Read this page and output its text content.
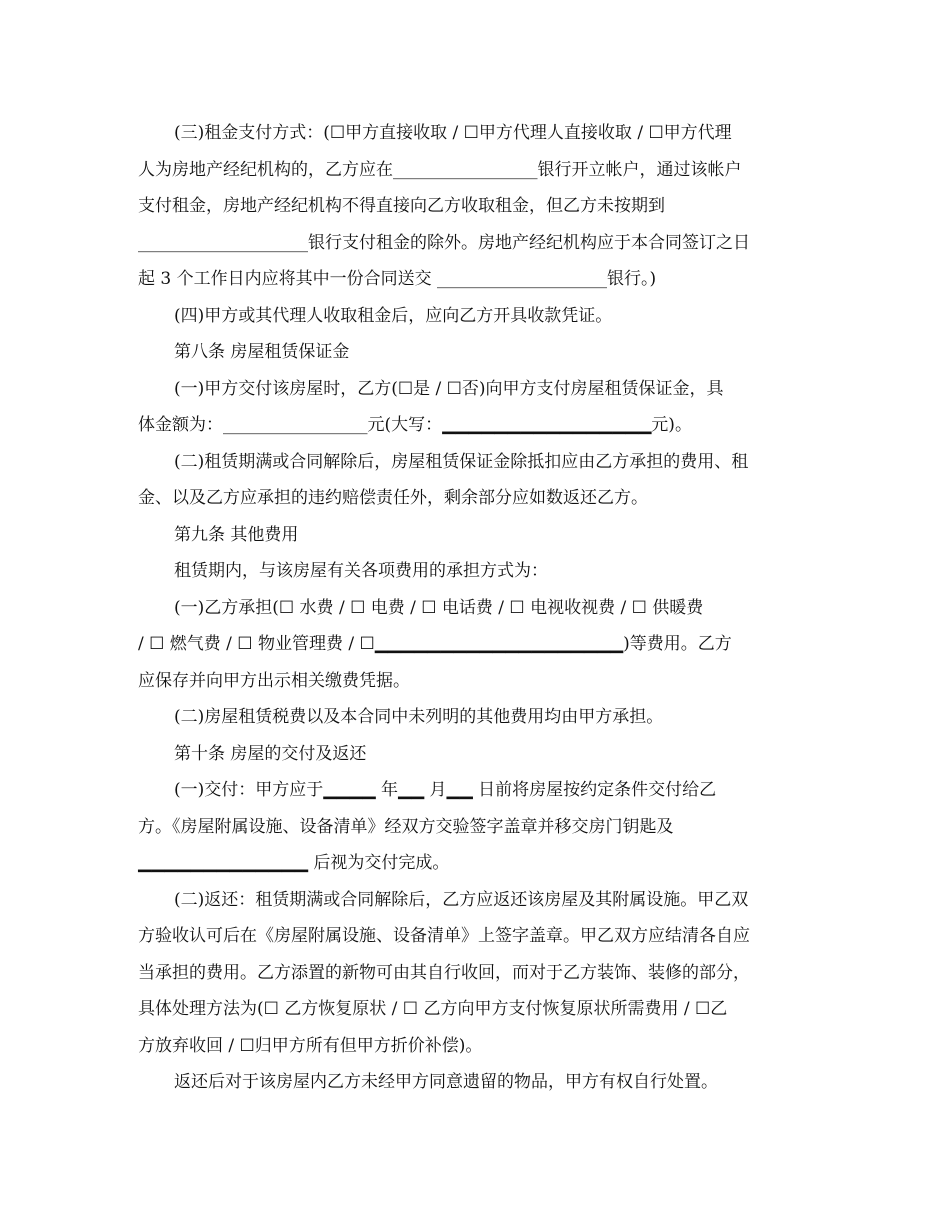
(三)租金支付方式：(☐甲方直接收取 / ☐甲方代理人直接收取 / ☐甲方代理

人为房地产经纪机构的，乙方应在_________________银行开立帐户，通过该帐户

支付租金，房地产经纪机构不得直接向乙方收取租金，但乙方未按期到

____________________银行支付租金的除外。房地产经纪机构应于本合同签订之日

起 3 个工作日内应将其中一份合同送交 ____________________银行。)

(四)甲方或其代理人收取租金后，应向乙方开具收款凭证。

第八条 房屋租赁保证金

(一)甲方交付该房屋时，乙方(☐是 / ☐否)向甲方支付房屋租赁保证金，具

体金额为：_________________元(大写：▁▁▁▁▁▁▁▁▁▁▁▁▁▁▁▁元)。

(二)租赁期满或合同解除后，房屋租赁保证金除抵扣应由乙方承担的费用、租

金、以及乙方应承担的违约赔偿责任外，剩余部分应如数返还乙方。

第九条 其他费用

租赁期内，与该房屋有关各项费用的承担方式为：

(一)乙方承担(☐ 水费 / ☐ 电费 / ☐ 电话费 / ☐ 电视收视费 / ☐ 供暖费

/ ☐ 燃气费 / ☐ 物业管理费 / ☐▁▁▁▁▁▁▁▁▁▁▁▁▁▁▁▁▁▁▁)等费用。乙方

应保存并向甲方出示相关缴费凭据。

(二)房屋租赁税费以及本合同中未列明的其他费用均由甲方承担。

第十条 房屋的交付及返还

(一)交付：甲方应于▁▁▁▁ 年▁▁ 月▁▁ 日前将房屋按约定条件交付给乙

方。《房屋附属设施、设备清单》经双方交验签字盖章并移交房门钥匙及

▁▁▁▁▁▁▁▁▁▁▁▁▁ 后视为交付完成。

(二)返还：租赁期满或合同解除后，乙方应返还该房屋及其附属设施。甲乙双

方验收认可后在《房屋附属设施、设备清单》上签字盖章。甲乙双方应结清各自应

当承担的费用。乙方添置的新物可由其自行收回，而对于乙方装饰、装修的部分，

具体处理方法为(☐ 乙方恢复原状 / ☐ 乙方向甲方支付恢复原状所需费用 / ☐乙

方放弃收回 / ☐归甲方所有但甲方折价补偿)。

返还后对于该房屋内乙方未经甲方同意遗留的物品，甲方有权自行处置。
